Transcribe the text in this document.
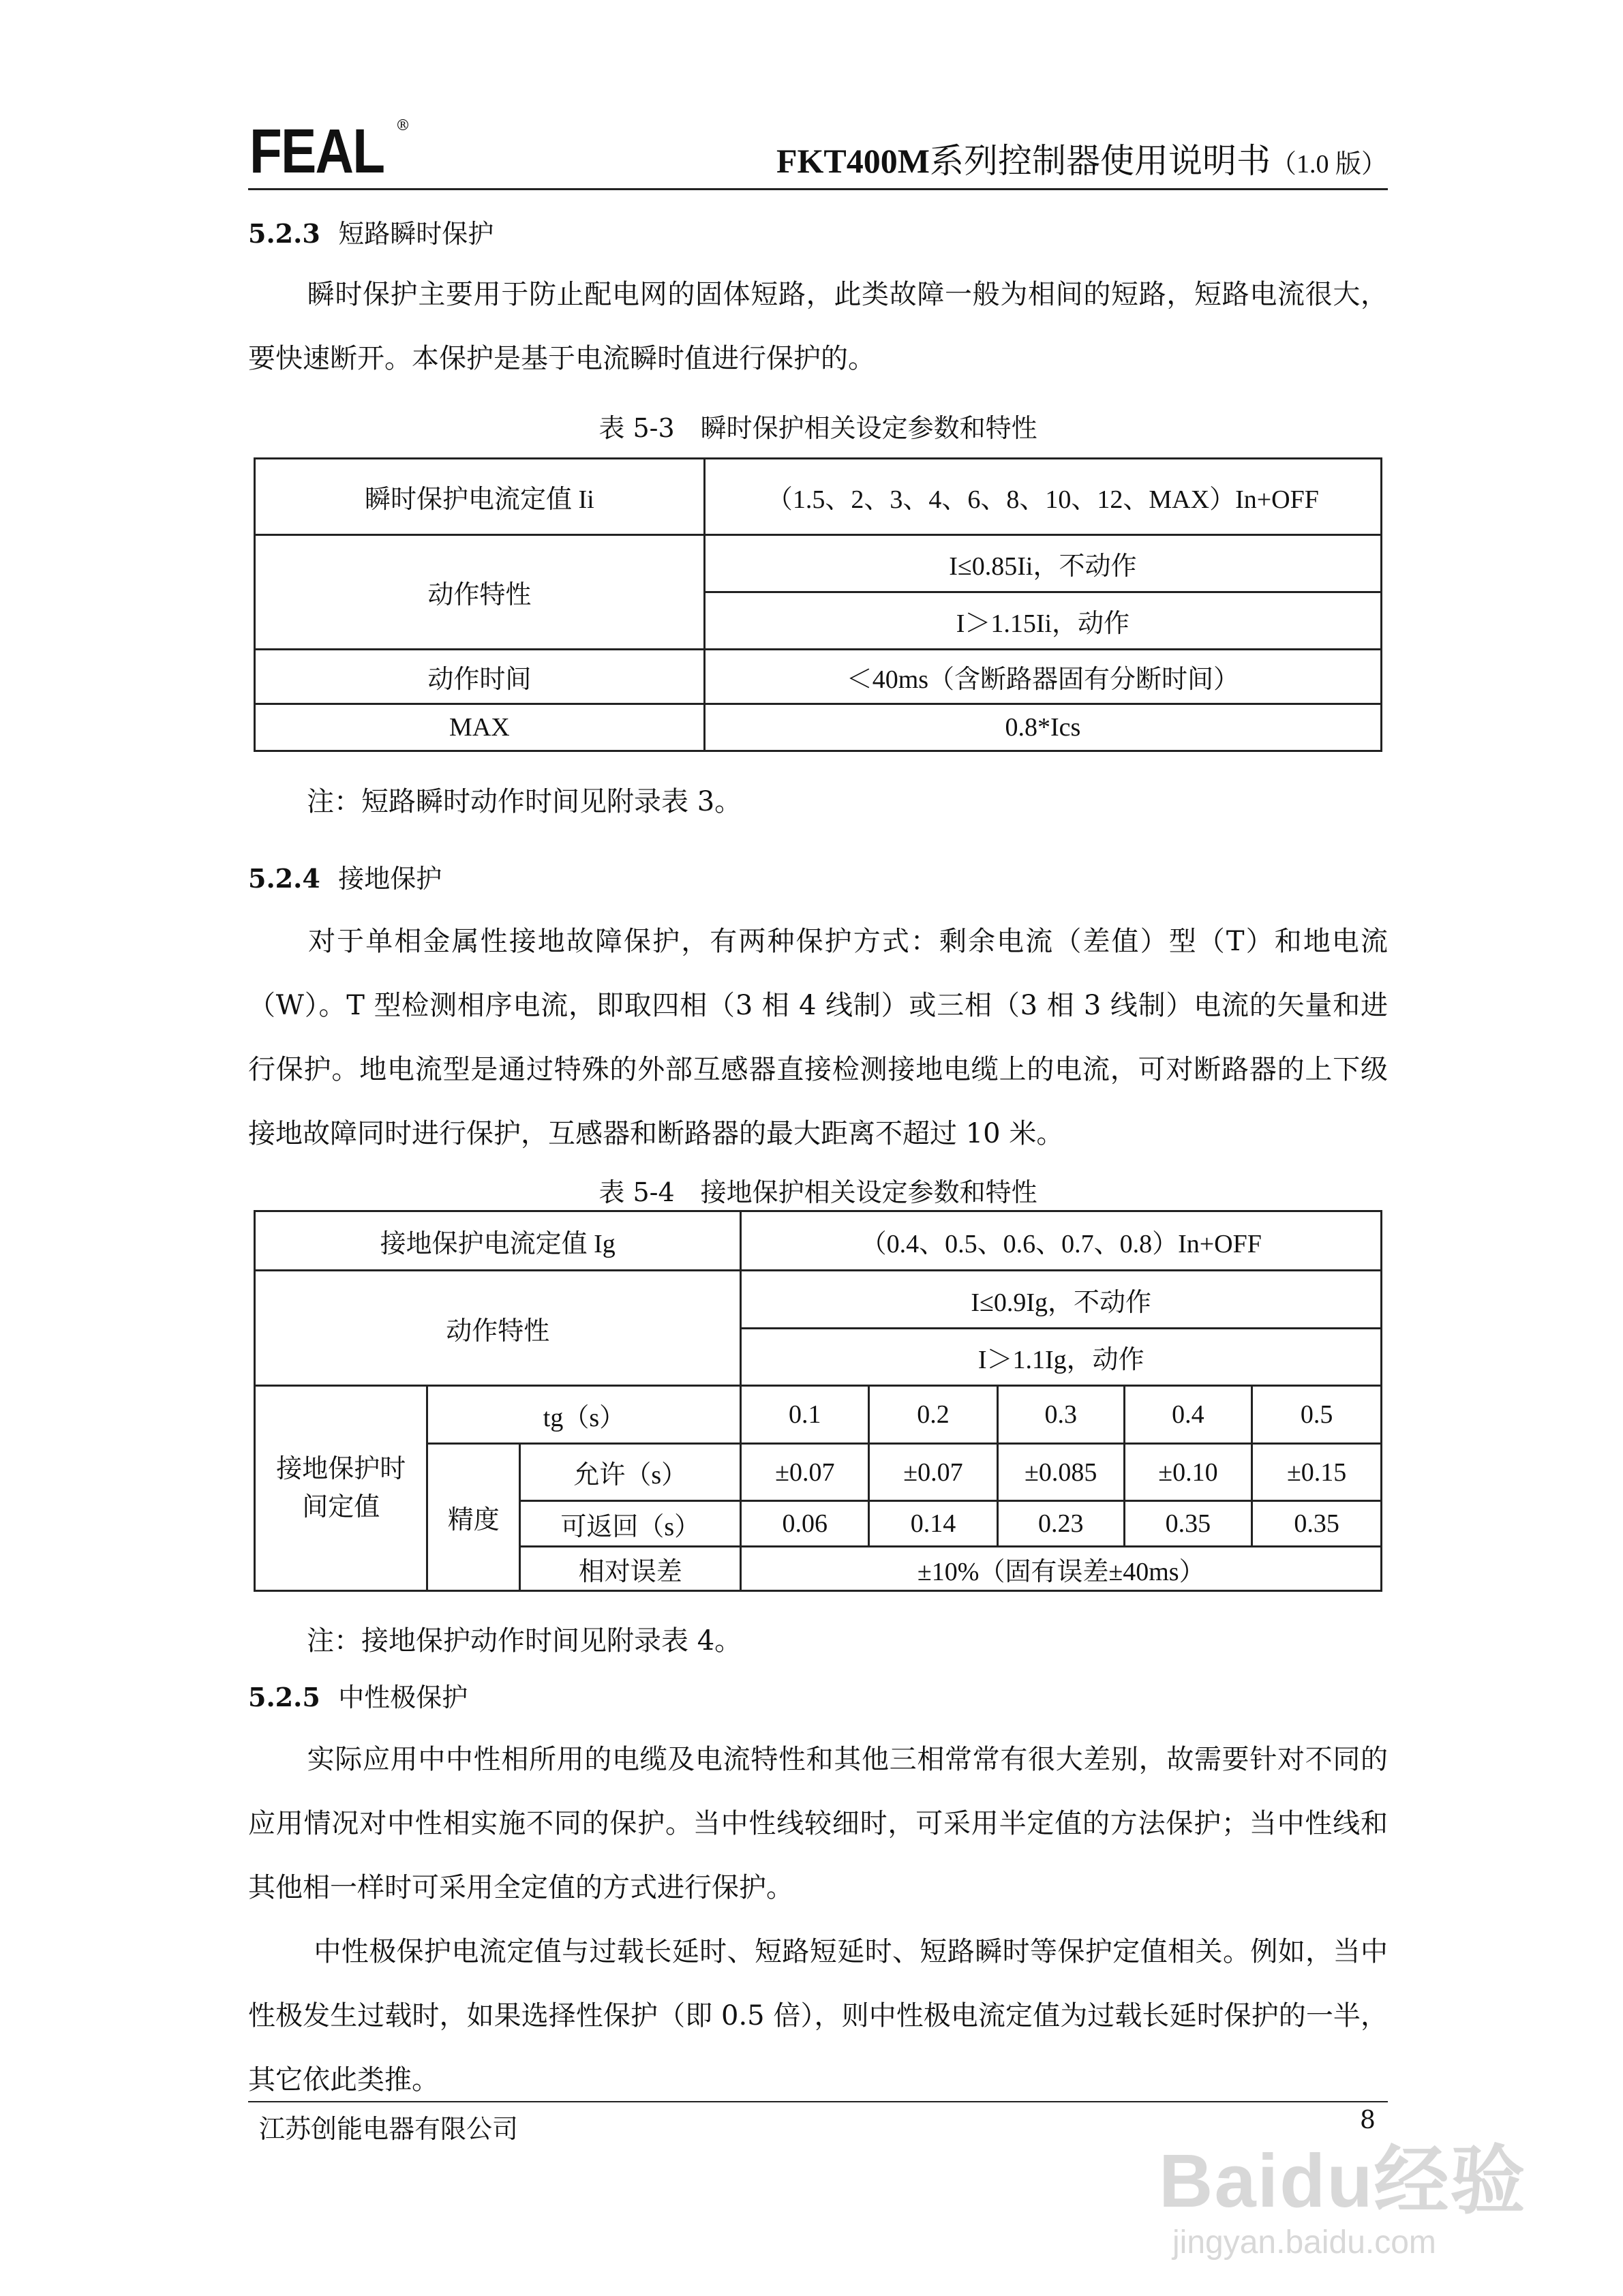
FEAL ®
FKT400M系列控制器使用说明书（1.0 版）
5.2.3 短路瞬时保护
瞬时保护主要用于防止配电网的固体短路，此类故障一般为相间的短路，短路电流很大，要快速断开。本保护是基于电流瞬时值进行保护的。
表 5-3　瞬时保护相关设定参数和特性
瞬时保护电流定值 Ii	（1.5、2、3、4、6、8、10、12、MAX）In+OFF
动作特性	I≤0.85Ii，不动作
	I＞1.15Ii，动作
动作时间	＜40ms（含断路器固有分断时间）
MAX	0.8*Ics
注：短路瞬时动作时间见附录表 3。
5.2.4 接地保护
对于单相金属性接地故障保护，有两种保护方式：剩余电流（差值）型（T）和地电流（W）。T 型检测相序电流，即取四相（3 相 4 线制）或三相（3 相 3 线制）电流的矢量和进行保护。地电流型是通过特殊的外部互感器直接检测接地电缆上的电流，可对断路器的上下级接地故障同时进行保护，互感器和断路器的最大距离不超过 10 米。
表 5-4　接地保护相关设定参数和特性
接地保护电流定值 Ig			（0.4、0.5、0.6、0.7、0.8）In+OFF				
动作特性			I≤0.9Ig，不动作				
			I＞1.1Ig，动作				
接地保护时间定值	tg（s）		0.1	0.2	0.3	0.4	0.5
	精度	允许（s）	±0.07	±0.07	±0.085	±0.10	±0.15
		可返回（s）	0.06	0.14	0.23	0.35	0.35
		相对误差	±10%（固有误差±40ms）				
注：接地保护动作时间见附录表 4。
5.2.5 中性极保护
实际应用中中性相所用的电缆及电流特性和其他三相常常有很大差别，故需要针对不同的应用情况对中性相实施不同的保护。当中性线较细时，可采用半定值的方法保护；当中性线和其他相一样时可采用全定值的方式进行保护。
中性极保护电流定值与过载长延时、短路短延时、短路瞬时等保护定值相关。例如，当中性极发生过载时，如果选择性保护（即 0.5 倍），则中性极电流定值为过载长延时保护的一半，其它依此类推。
江苏创能电器有限公司	8
Baidu经验
jingyan.baidu.com
